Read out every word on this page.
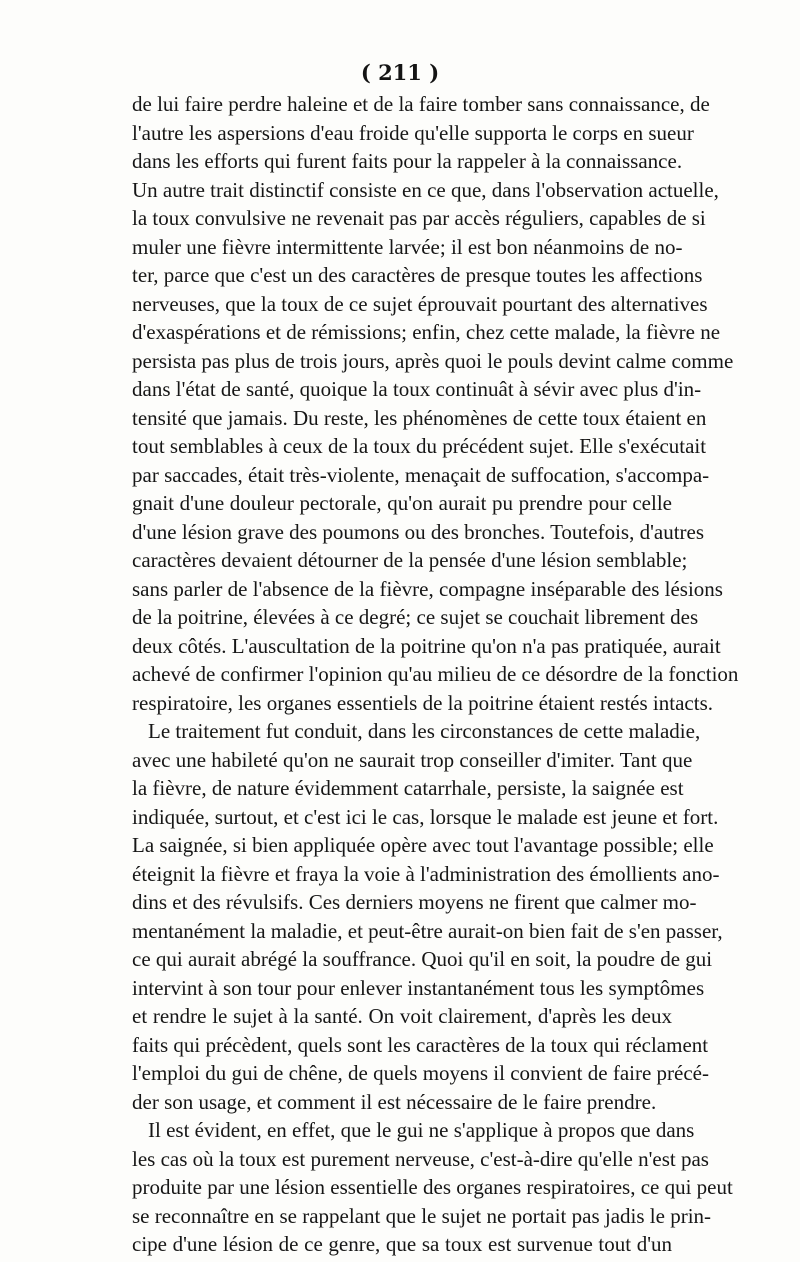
( 211 )
de lui faire perdre haleine et de la faire tomber sans connaissance, de
l'autre les aspersions d'eau froide qu'elle supporta le corps en sueur
dans les efforts qui furent faits pour la rappeler à la connaissance.
Un autre trait distinctif consiste en ce que, dans l'observation actuelle,
la toux convulsive ne revenait pas par accès réguliers, capables de si
muler une fièvre intermittente larvée; il est bon néanmoins de no-
ter, parce que c'est un des caractères de presque toutes les affections
nerveuses, que la toux de ce sujet éprouvait pourtant des alternatives
d'exaspérations et de rémissions; enfin, chez cette malade, la fièvre ne
persista pas plus de trois jours, après quoi le pouls devint calme comme
dans l'état de santé, quoique la toux continuât à sévir avec plus d'in-
tensité que jamais. Du reste, les phénomènes de cette toux étaient en
tout semblables à ceux de la toux du précédent sujet. Elle s'exécutait
par saccades, était très-violente, menaçait de suffocation, s'accompa-
gnait d'une douleur pectorale, qu'on aurait pu prendre pour celle
d'une lésion grave des poumons ou des bronches. Toutefois, d'autres
caractères devaient détourner de la pensée d'une lésion semblable;
sans parler de l'absence de la fièvre, compagne inséparable des lésions
de la poitrine, élevées à ce degré; ce sujet se couchait librement des
deux côtés. L'auscultation de la poitrine qu'on n'a pas pratiquée, aurait
achevé de confirmer l'opinion qu'au milieu de ce désordre de la fonction
respiratoire, les organes essentiels de la poitrine étaient restés intacts.
Le traitement fut conduit, dans les circonstances de cette maladie,
avec une habileté qu'on ne saurait trop conseiller d'imiter. Tant que
la fièvre, de nature évidemment catarrhale, persiste, la saignée est
indiquée, surtout, et c'est ici le cas, lorsque le malade est jeune et fort.
La saignée, si bien appliquée opère avec tout l'avantage possible; elle
éteignit la fièvre et fraya la voie à l'administration des émollients ano-
dins et des révulsifs. Ces derniers moyens ne firent que calmer mo-
mentanément la maladie, et peut-être aurait-on bien fait de s'en passer,
ce qui aurait abrégé la souffrance. Quoi qu'il en soit, la poudre de gui
intervint à son tour pour enlever instantanément tous les symptômes
et rendre le sujet à la santé. On voit clairement, d'après les deux
faits qui précèdent, quels sont les caractères de la toux qui réclament
l'emploi du gui de chêne, de quels moyens il convient de faire précé-
der son usage, et comment il est nécessaire de le faire prendre.
Il est évident, en effet, que le gui ne s'applique à propos que dans
les cas où la toux est purement nerveuse, c'est-à-dire qu'elle n'est pas
produite par une lésion essentielle des organes respiratoires, ce qui peut
se reconnaître en se rappelant que le sujet ne portait pas jadis le prin-
cipe d'une lésion de ce genre, que sa toux est survenue tout d'un
